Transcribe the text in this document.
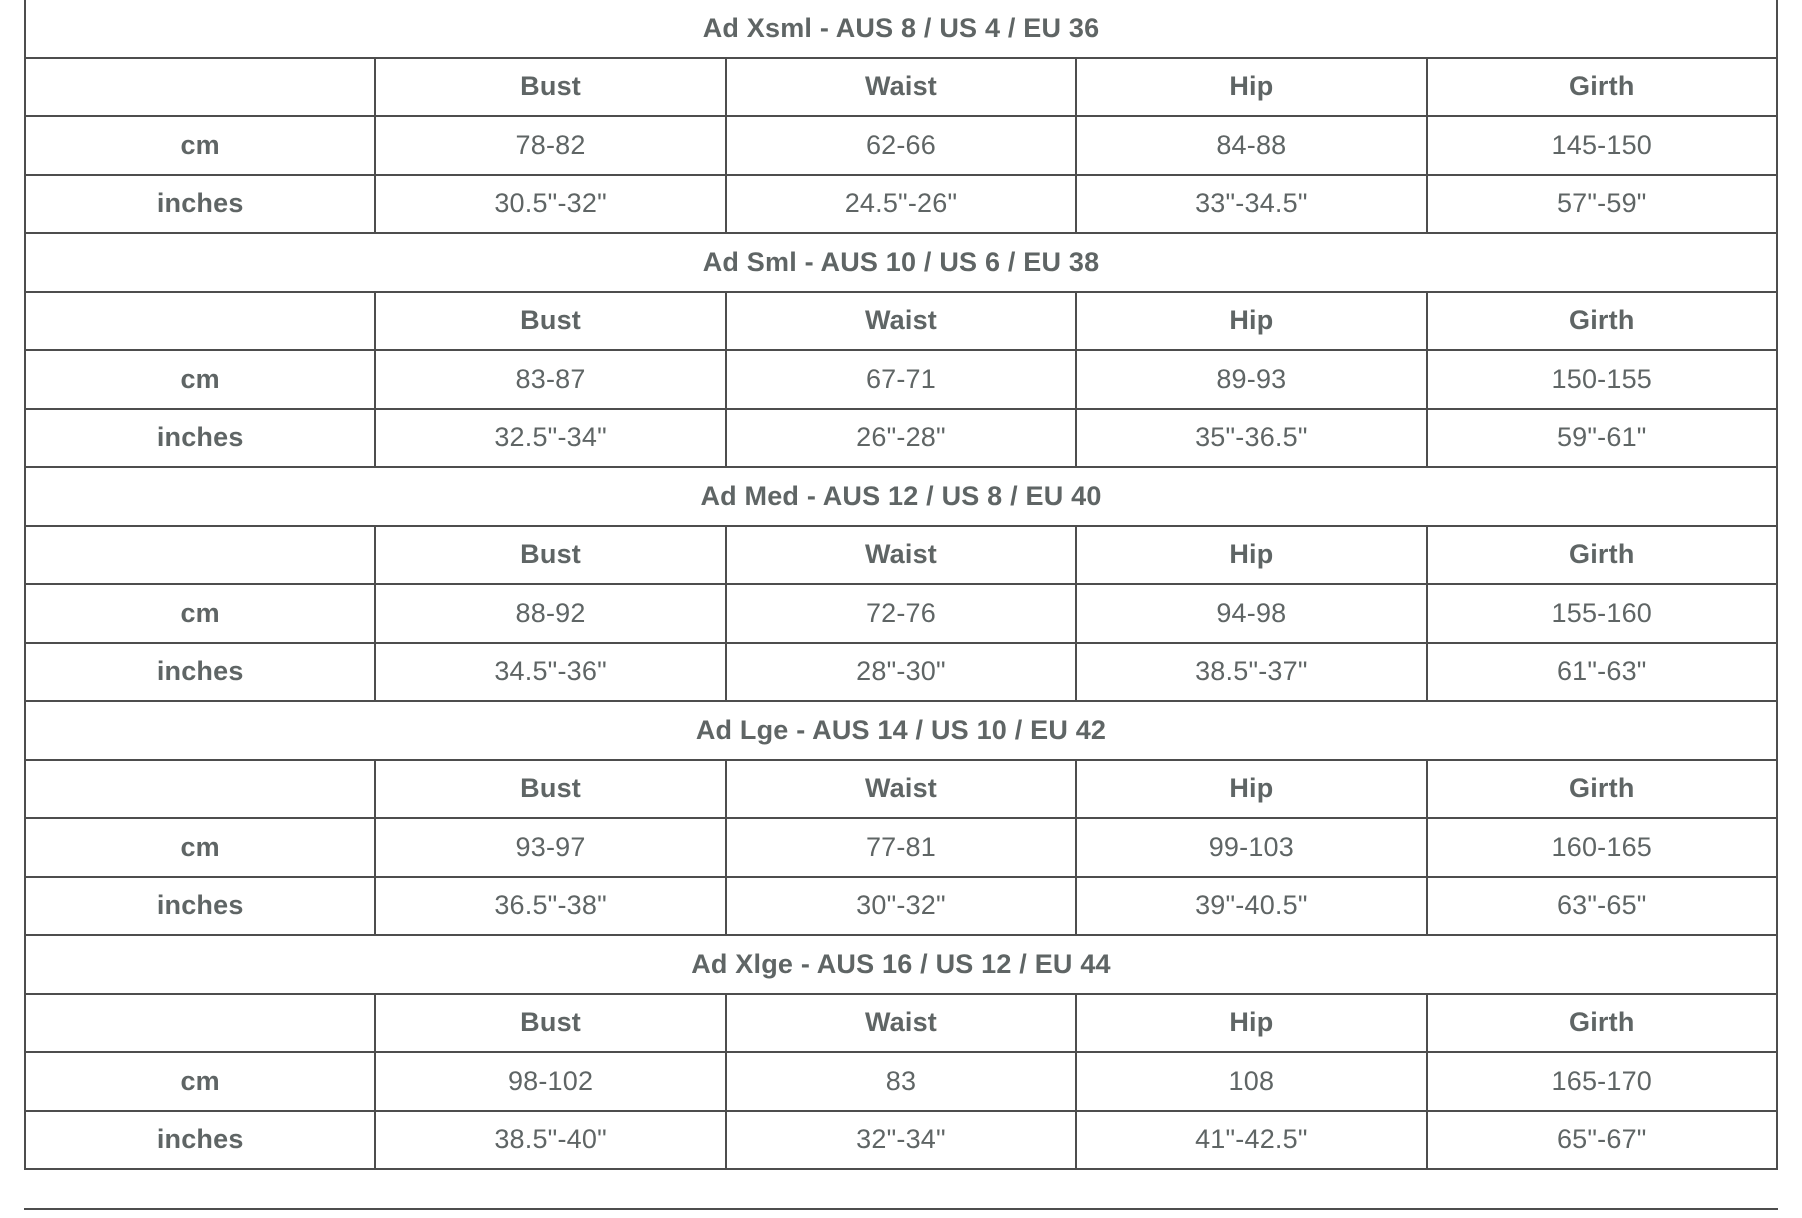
Ad Xsml - AUS 8 / US 4 / EU 36				
	Bust	Waist	Hip	Girth
cm	78-82	62-66	84-88	145-150
inches	30.5"-32"	24.5"-26"	33"-34.5"	57"-59"
Ad Sml - AUS 10 / US 6 / EU 38				
	Bust	Waist	Hip	Girth
cm	83-87	67-71	89-93	150-155
inches	32.5"-34"	26"-28"	35"-36.5"	59"-61"
Ad Med - AUS 12 / US 8 / EU 40				
	Bust	Waist	Hip	Girth
cm	88-92	72-76	94-98	155-160
inches	34.5"-36"	28"-30"	38.5"-37"	61"-63"
Ad Lge - AUS 14 / US 10 / EU 42				
	Bust	Waist	Hip	Girth
cm	93-97	77-81	99-103	160-165
inches	36.5"-38"	30"-32"	39"-40.5"	63"-65"
Ad Xlge - AUS 16 / US 12 / EU 44				
	Bust	Waist	Hip	Girth
cm	98-102	83	108	165-170
inches	38.5"-40"	32"-34"	41"-42.5"	65"-67"
